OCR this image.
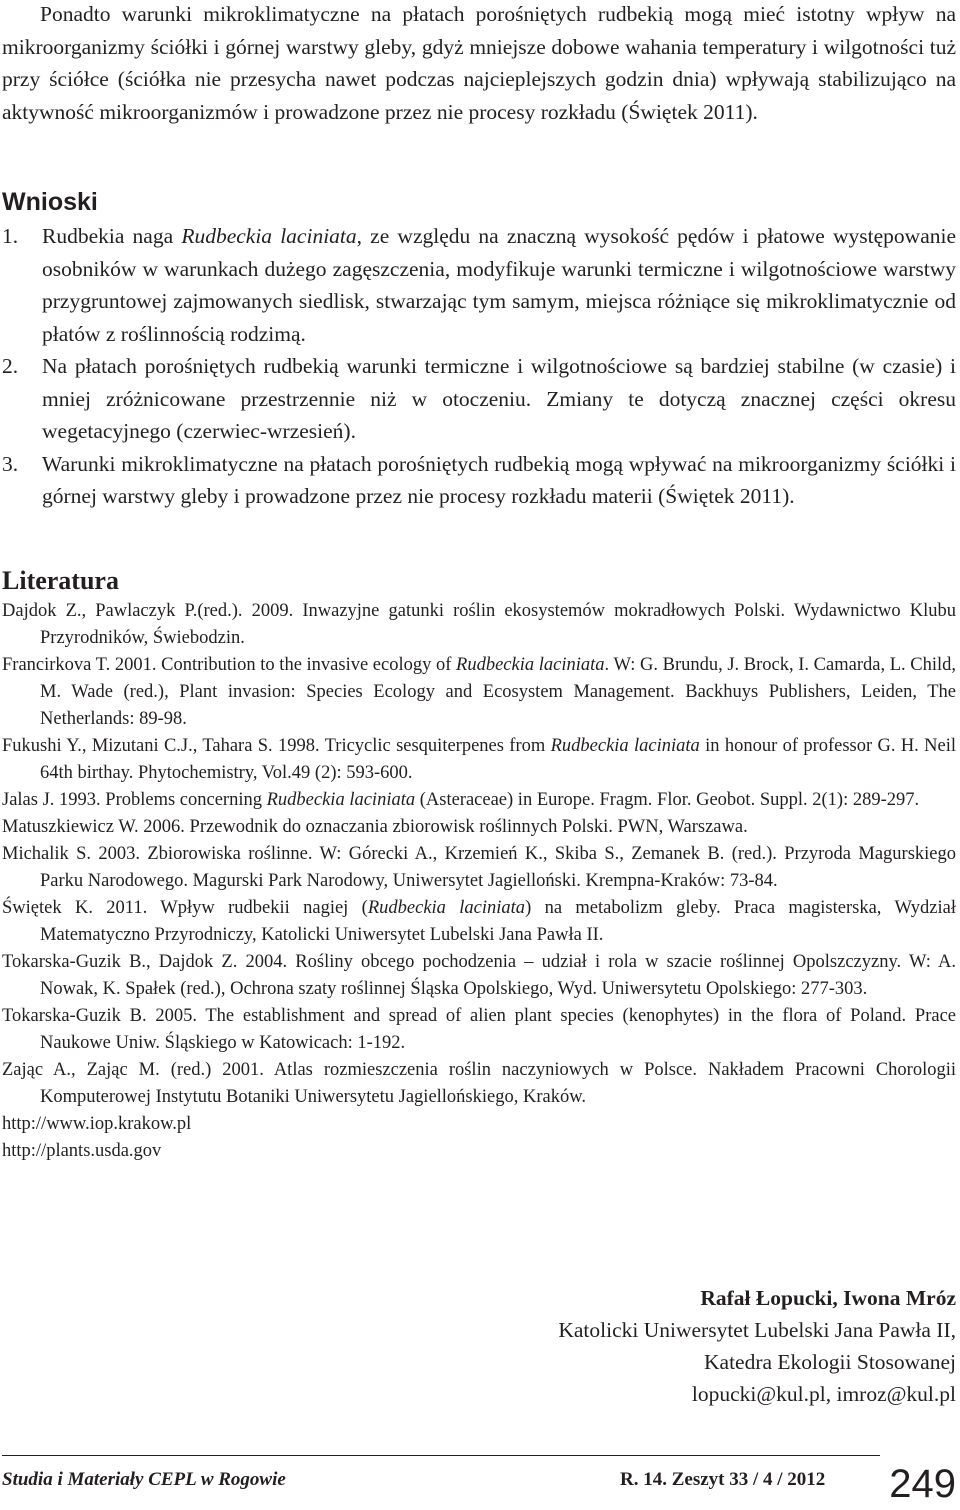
Ponadto warunki mikroklimatyczne na płatach porośniętych rudbekią mogą mieć istotny wpływ na mikroorganizmy ściółki i górnej warstwy gleby, gdyż mniejsze dobowe wahania temperatury i wilgotności tuż przy ściółce (ściółka nie przesycha nawet podczas najcieplejszych godzin dnia) wpływają stabilizująco na aktywność mikroorganizmów i prowadzone przez nie procesy rozkładu (Świętek 2011).

Wnioski
1. Rudbekia naga Rudbeckia laciniata, ze względu na znaczną wysokość pędów i płatowe występowanie osobników w warunkach dużego zagęszczenia, modyfikuje warunki termiczne i wilgotnościowe warstwy przygruntowej zajmowanych siedlisk, stwarzając tym samym, miejsca różniące się mikroklimatycznie od płatów z roślinnością rodzimą.
2. Na płatach porośniętych rudbekią warunki termiczne i wilgotnościowe są bardziej stabilne (w czasie) i mniej zróżnicowane przestrzennie niż w otoczeniu. Zmiany te dotyczą znacznej części okresu wegetacyjnego (czerwiec-wrzesień).
3. Warunki mikroklimatyczne na płatach porośniętych rudbekią mogą wpływać na mikroorganizmy ściółki i górnej warstwy gleby i prowadzone przez nie procesy rozkładu materii (Świętek 2011).
Literatura

Dajdok Z., Pawlaczyk P.(red.). 2009. Inwazyjne gatunki roślin ekosystemów mokradłowych Polski. Wydawnictwo Klubu Przyrodników, Świebodzin.

Francirkova T. 2001. Contribution to the invasive ecology of Rudbeckia laciniata. W: G. Brundu, J. Brock, I. Camarda, L. Child, M. Wade (red.), Plant invasion: Species Ecology and Ecosystem Management. Backhuys Publishers, Leiden, The Netherlands: 89-98.

Fukushi Y., Mizutani C.J., Tahara S. 1998. Tricyclic sesquiterpenes from Rudbeckia laciniata in honour of professor G. H. Neil 64th birthay. Phytochemistry, Vol.49 (2): 593-600.

Jalas J. 1993. Problems concerning Rudbeckia laciniata (Asteraceae) in Europe. Fragm. Flor. Geobot. Suppl. 2(1): 289-297.

Matuszkiewicz W. 2006. Przewodnik do oznaczania zbiorowisk roślinnych Polski. PWN, Warszawa.

Michalik S. 2003. Zbiorowiska roślinne. W: Górecki A., Krzemień K., Skiba S., Zemanek B. (red.). Przyroda Magurskiego Parku Narodowego. Magurski Park Narodowy, Uniwersytet Jagielloński. Krempna-Kraków: 73-84.

Świętek K. 2011. Wpływ rudbekii nagiej (Rudbeckia laciniata) na metabolizm gleby. Praca magisterska, Wydział Matematyczno Przyrodniczy, Katolicki Uniwersytet Lubelski Jana Pawła II.

Tokarska-Guzik B., Dajdok Z. 2004. Rośliny obcego pochodzenia – udział i rola w szacie roślinnej Opolszczyzny. W: A. Nowak, K. Spałek (red.), Ochrona szaty roślinnej Śląska Opolskiego, Wyd. Uniwersytetu Opolskiego: 277-303.

Tokarska-Guzik B. 2005. The establishment and spread of alien plant species (kenophytes) in the flora of Poland. Prace Naukowe Uniw. Śląskiego w Katowicach: 1-192.

Zając A., Zając M. (red.) 2001. Atlas rozmieszczenia roślin naczyniowych w Polsce. Nakładem Pracowni Chorologii Komputerowej Instytutu Botaniki Uniwersytetu Jagiellońskiego, Kraków.

http://www.iop.krakow.pl

http://plants.usda.gov

Rafał Łopucki, Iwona Mróz
Katolicki Uniwersytet Lubelski Jana Pawła II,
Katedra Ekologii Stosowanej
lopucki@kul.pl, imroz@kul.pl
Studia i Materiały CEPL w Rogowie	R. 14. Zeszyt 33 / 4 / 2012 249
